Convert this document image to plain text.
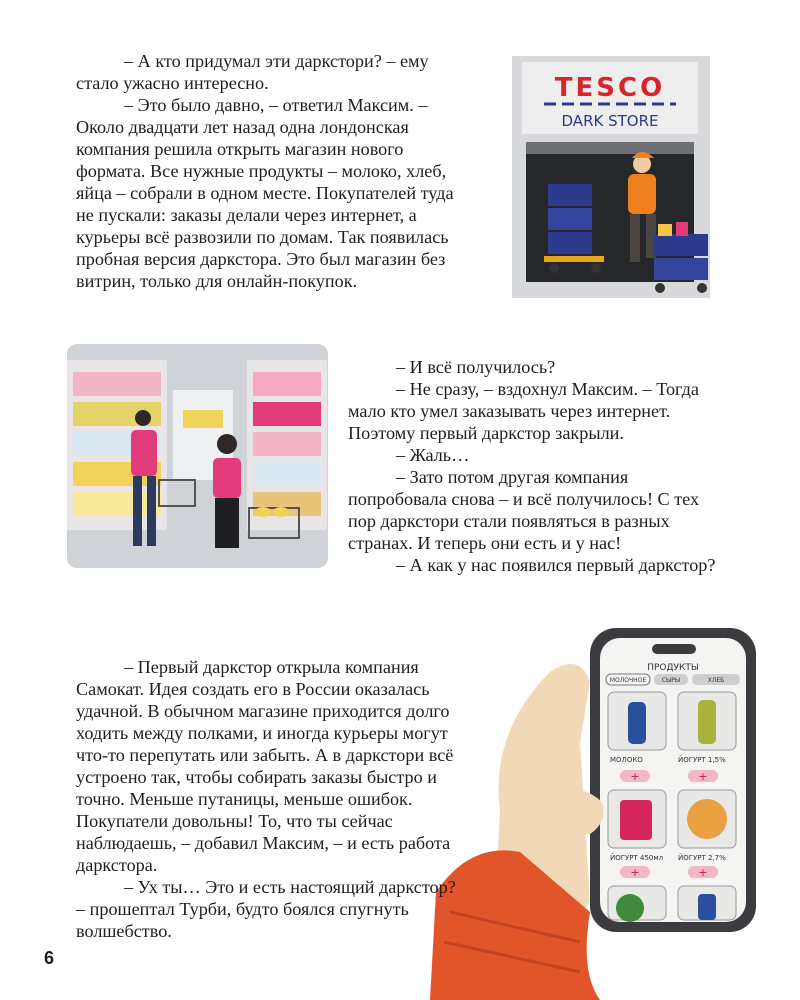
– А кто придумал эти даркстори? – ему стало ужасно интересно.

– Это было давно, – ответил Максим. – Около двадцати лет назад одна лондонская компания решила открыть магазин нового формата. Все нужные продукты – молоко, хлеб, яйца – собрали в одном месте. Покупателей туда не пускали: заказы делали через интернет, а курьеры всё развозили по домам. Так появилась пробная версия даркстора. Это был магазин без витрин, только для онлайн-покупок.

TESCO
DARK STORE

– И всё получилось?

– Не сразу, – вздохнул Максим. – Тогда мало кто умел заказывать через интернет. Поэтому первый даркстор закрыли.

– Жаль…

– Зато потом другая компания попробовала снова – и всё получилось! С тех пор даркстори стали появляться в разных странах. И теперь они есть и у нас!

– А как у нас появился первый даркстор?

ПРОДУКТЫ
МОЛОЧНОЕ	СЫРЫ	ХЛЕБ
МОЛОКО	ЙОГУРТ 1,5%
+	+
ЙОГУРТ 450мл ЙОГУРТ 2,7%
+	+

– Первый даркстор открыла компания Самокат. Идея создать его в России оказалась удачной. В обычном магазине приходится долго ходить между полками, и иногда курьеры могут что-то перепутать или забыть. А в даркстори всё устроено так, чтобы собирать заказы быстро и точно. Меньше путаницы, меньше ошибок. Покупатели довольны! То, что ты сейчас наблюдаешь, – добавил Максим, – и есть работа даркстора.

– Ух ты… Это и есть настоящий даркстор? – прошептал Турби, будто боялся спугнуть волшебство.

6
